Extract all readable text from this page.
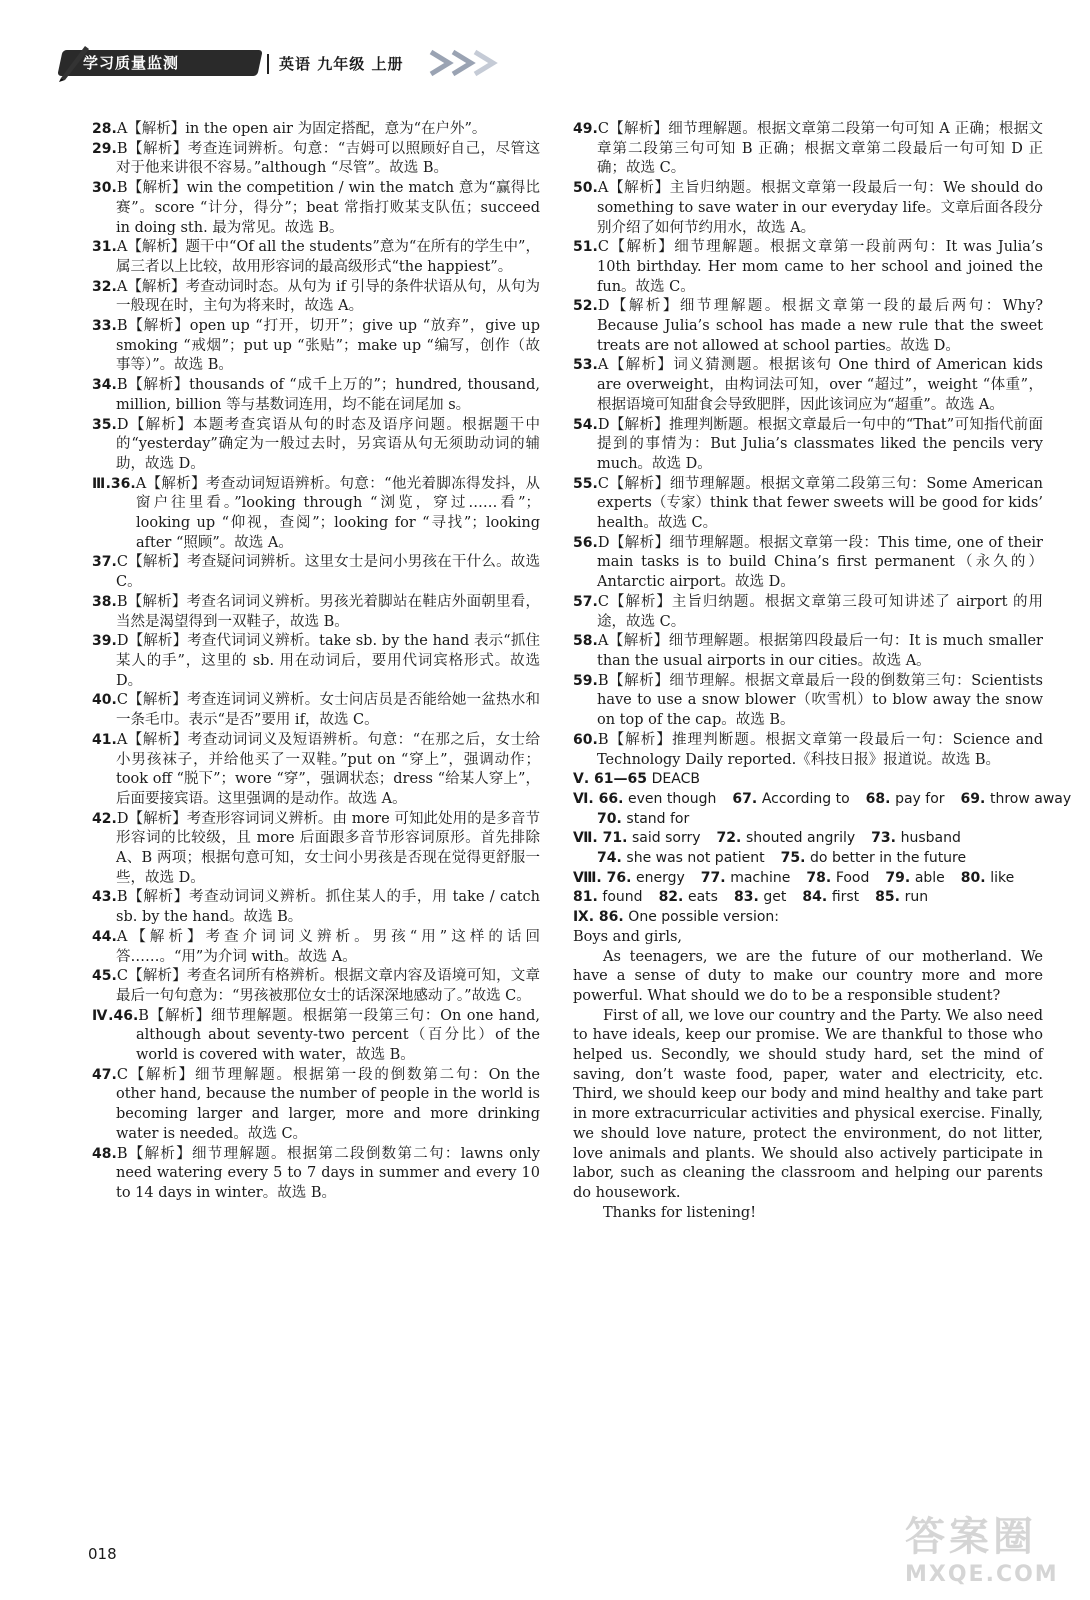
学习质量监测	英语 九年级 上册

28.A【解析】in the open air 为固定搭配，意为“在户外”。

29.B【解析】考查连词辨析。句意：“吉姆可以照顾好自己，尽管这对于他来讲很不容易。”although “尽管”。故选 B。

30.B【解析】win the competition / win the match 意为“赢得比赛”。score “计分，得分”；beat 常指打败某支队伍；succeed in doing sth. 最为常见。故选 B。

31.A【解析】题干中“Of all the students”意为“在所有的学生中”，属三者以上比较，故用形容词的最高级形式“the happiest”。

32.A【解析】考查动词时态。从句为 if 引导的条件状语从句，从句为一般现在时，主句为将来时，故选 A。

33.B【解析】open up “打开，切开”；give up “放弃”，give up smoking “戒烟”；put up “张贴”；make up “编写，创作（故事等）”。故选 B。

34.B【解析】thousands of “成千上万的”；hundred, thousand, million, billion 等与基数词连用，均不能在词尾加 s。

35.D【解析】本题考查宾语从句的时态及语序问题。根据题干中的“yesterday”确定为一般过去时，另宾语从句无须助动词的辅助，故选 D。

Ⅲ.36.A【解析】考查动词短语辨析。句意：“他光着脚冻得发抖，从窗户往里看。”looking through “浏览，穿过……看”；looking up “仰视，查阅”；looking for “寻找”；looking after “照顾”。故选 A。

37.C【解析】考查疑问词辨析。这里女士是问小男孩在干什么。故选 C。

38.B【解析】考查名词词义辨析。男孩光着脚站在鞋店外面朝里看，当然是渴望得到一双鞋子，故选 B。

39.D【解析】考查代词词义辨析。take sb. by the hand 表示“抓住某人的手”，这里的 sb. 用在动词后，要用代词宾格形式。故选 D。

40.C【解析】考查连词词义辨析。女士问店员是否能给她一盆热水和一条毛巾。表示“是否”要用 if，故选 C。

41.A【解析】考查动词词义及短语辨析。句意：“在那之后，女士给小男孩袜子，并给他买了一双鞋。”put on “穿上”，强调动作；took off “脱下”；wore “穿”，强调状态；dress “给某人穿上”，后面要接宾语。这里强调的是动作。故选 A。

42.D【解析】考查形容词词义辨析。由 more 可知此处用的是多音节形容词的比较级，且 more 后面跟多音节形容词原形。首先排除 A、B 两项；根据句意可知，女士问小男孩是否现在觉得更舒服一些，故选 D。

43.B【解析】考查动词词义辨析。抓住某人的手，用 take / catch sb. by the hand。故选 B。

44.A【解析】考查介词词义辨析。男孩“用”这样的话回答……。“用”为介词 with。故选 A。

45.C【解析】考查名词所有格辨析。根据文章内容及语境可知，文章最后一句句意为：“男孩被那位女士的话深深地感动了。”故选 C。

Ⅳ.46.B【解析】细节理解题。根据第一段第三句：On one hand, although about seventy-two percent（百分比）of the world is covered with water，故选 B。

47.C【解析】细节理解题。根据第一段的倒数第二句：On the other hand, because the number of people in the world is becoming larger and larger, more and more drinking water is needed。故选 C。

48.B【解析】细节理解题。根据第二段倒数第二句：lawns only need watering every 5 to 7 days in summer and every 10 to 14 days in winter。故选 B。

49.C【解析】细节理解题。根据文章第二段第一句可知 A 正确；根据文章第二段第三句可知 B 正确；根据文章第二段最后一句可知 D 正确；故选 C。

50.A【解析】主旨归纳题。根据文章第一段最后一句：We should do something to save water in our everyday life。文章后面各段分别介绍了如何节约用水，故选 A。

51.C【解析】细节理解题。根据文章第一段前两句：It was Julia’s 10th birthday. Her mom came to her school and joined the fun。故选 C。

52.D【解析】细节理解题。根据文章第一段的最后两句：Why? Because Julia’s school has made a new rule that the sweet treats are not allowed at school parties。故选 D。

53.A【解析】词义猜测题。根据该句 One third of American kids are overweight，由构词法可知，over “超过”，weight “体重”，根据语境可知甜食会导致肥胖，因此该词应为“超重”。故选 A。

54.D【解析】推理判断题。根据文章最后一句中的“That”可知指代前面提到的事情为：But Julia’s classmates liked the pencils very much。故选 D。

55.C【解析】细节理解题。根据文章第二段第三句：Some American experts（专家）think that fewer sweets will be good for kids’ health。故选 C。

56.D【解析】细节理解题。根据文章第一段：This time, one of their main tasks is to build China’s first permanent（永久的）Antarctic airport。故选 D。

57.C【解析】主旨归纳题。根据文章第三段可知讲述了 airport 的用途，故选 C。

58.A【解析】细节理解题。根据第四段最后一句：It is much smaller than the usual airports in our cities。故选 A。

59.B【解析】细节理解。根据文章最后一段的倒数第三句：Scientists have to use a snow blower（吹雪机）to blow away the snow on top of the cap。故选 B。

60.B【解析】推理判断题。根据文章第一段最后一句：Science and Technology Daily reported.《科技日报》报道说。故选 B。

Ⅴ. 61—65 DEACB

Ⅵ. 66. even though 67. According to 68. pay for 69. throw away

70. stand for

Ⅶ. 71. said sorry 72. shouted angrily 73. husband

74. she was not patient 75. do better in the future

Ⅷ. 76. energy 77. machine 78. Food 79. able 80. like

81. found 82. eats 83. get 84. first 85. run

Ⅸ. 86. One possible version:

Boys and girls,

As teenagers, we are the future of our motherland. We have a sense of duty to make our country more and more powerful. What should we do to be a responsible student?

First of all, we love our country and the Party. We also need to have ideals, keep our promise. We are thankful to those who helped us. Secondly, we should study hard, set the mind of saving, don’t waste food, paper, water and electricity, etc. Third, we should keep our body and mind healthy and take part in more extracurricular activities and physical exercise. Finally, we should love nature, protect the environment, do not litter, love animals and plants. We should also actively participate in labor, such as cleaning the classroom and helping our parents do housework.

Thanks for listening!

018	答案圈
MXQE.COM
